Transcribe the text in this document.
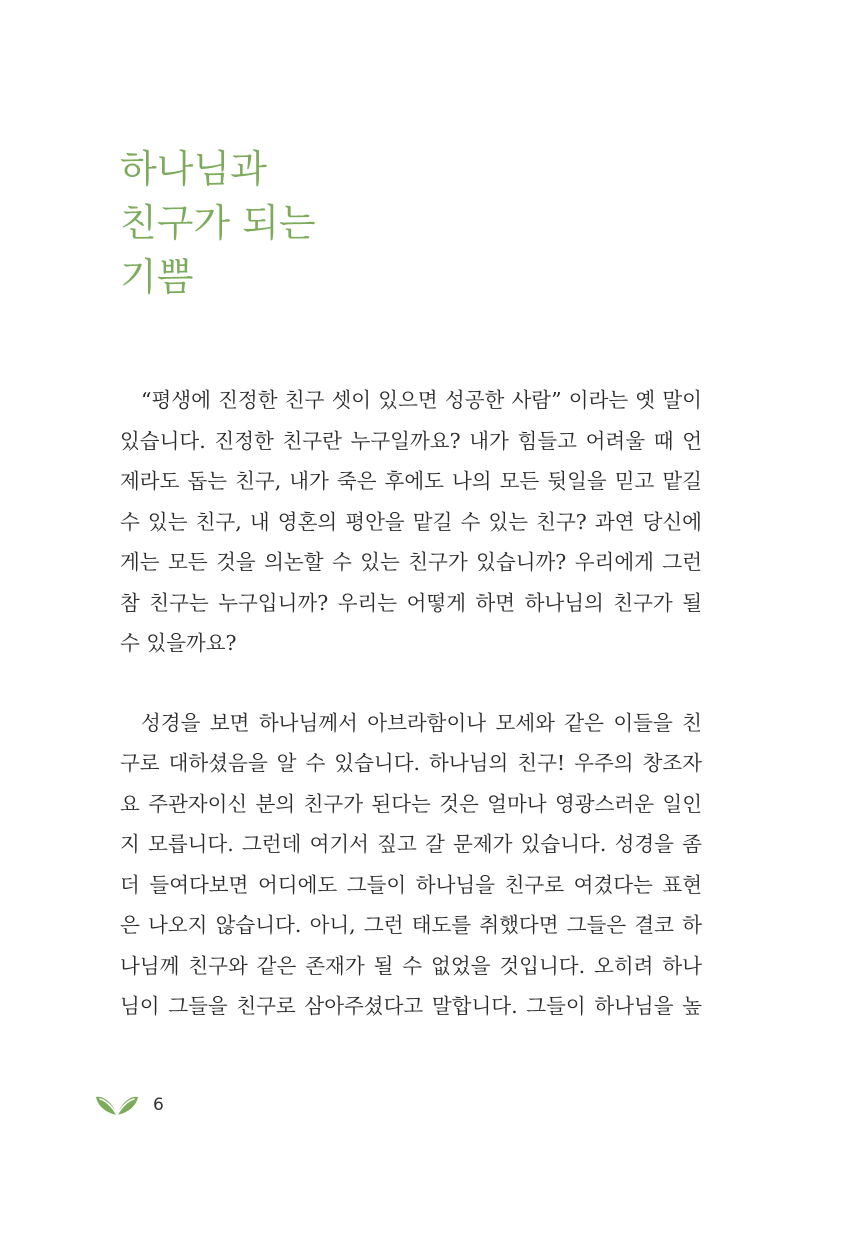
하나님과
친구가 되는
기쁨

“평생에 진정한 친구 셋이 있으면 성공한 사람” 이라는 옛 말이
있습니다. 진정한 친구란 누구일까요? 내가 힘들고 어려울 때 언
제라도 돕는 친구, 내가 죽은 후에도 나의 모든 뒷일을 믿고 맡길
수 있는 친구, 내 영혼의 평안을 맡길 수 있는 친구? 과연 당신에
게는 모든 것을 의논할 수 있는 친구가 있습니까? 우리에게 그런
참 친구는 누구입니까? 우리는 어떻게 하면 하나님의 친구가 될
수 있을까요?

성경을 보면 하나님께서 아브라함이나 모세와 같은 이들을 친
구로 대하셨음을 알 수 있습니다. 하나님의 친구! 우주의 창조자
요 주관자이신 분의 친구가 된다는 것은 얼마나 영광스러운 일인
지 모릅니다. 그런데 여기서 짚고 갈 문제가 있습니다. 성경을 좀
더 들여다보면 어디에도 그들이 하나님을 친구로 여겼다는 표현
은 나오지 않습니다. 아니, 그런 태도를 취했다면 그들은 결코 하
나님께 친구와 같은 존재가 될 수 없었을 것입니다. 오히려 하나
님이 그들을 친구로 삼아주셨다고 말합니다. 그들이 하나님을 높

6
